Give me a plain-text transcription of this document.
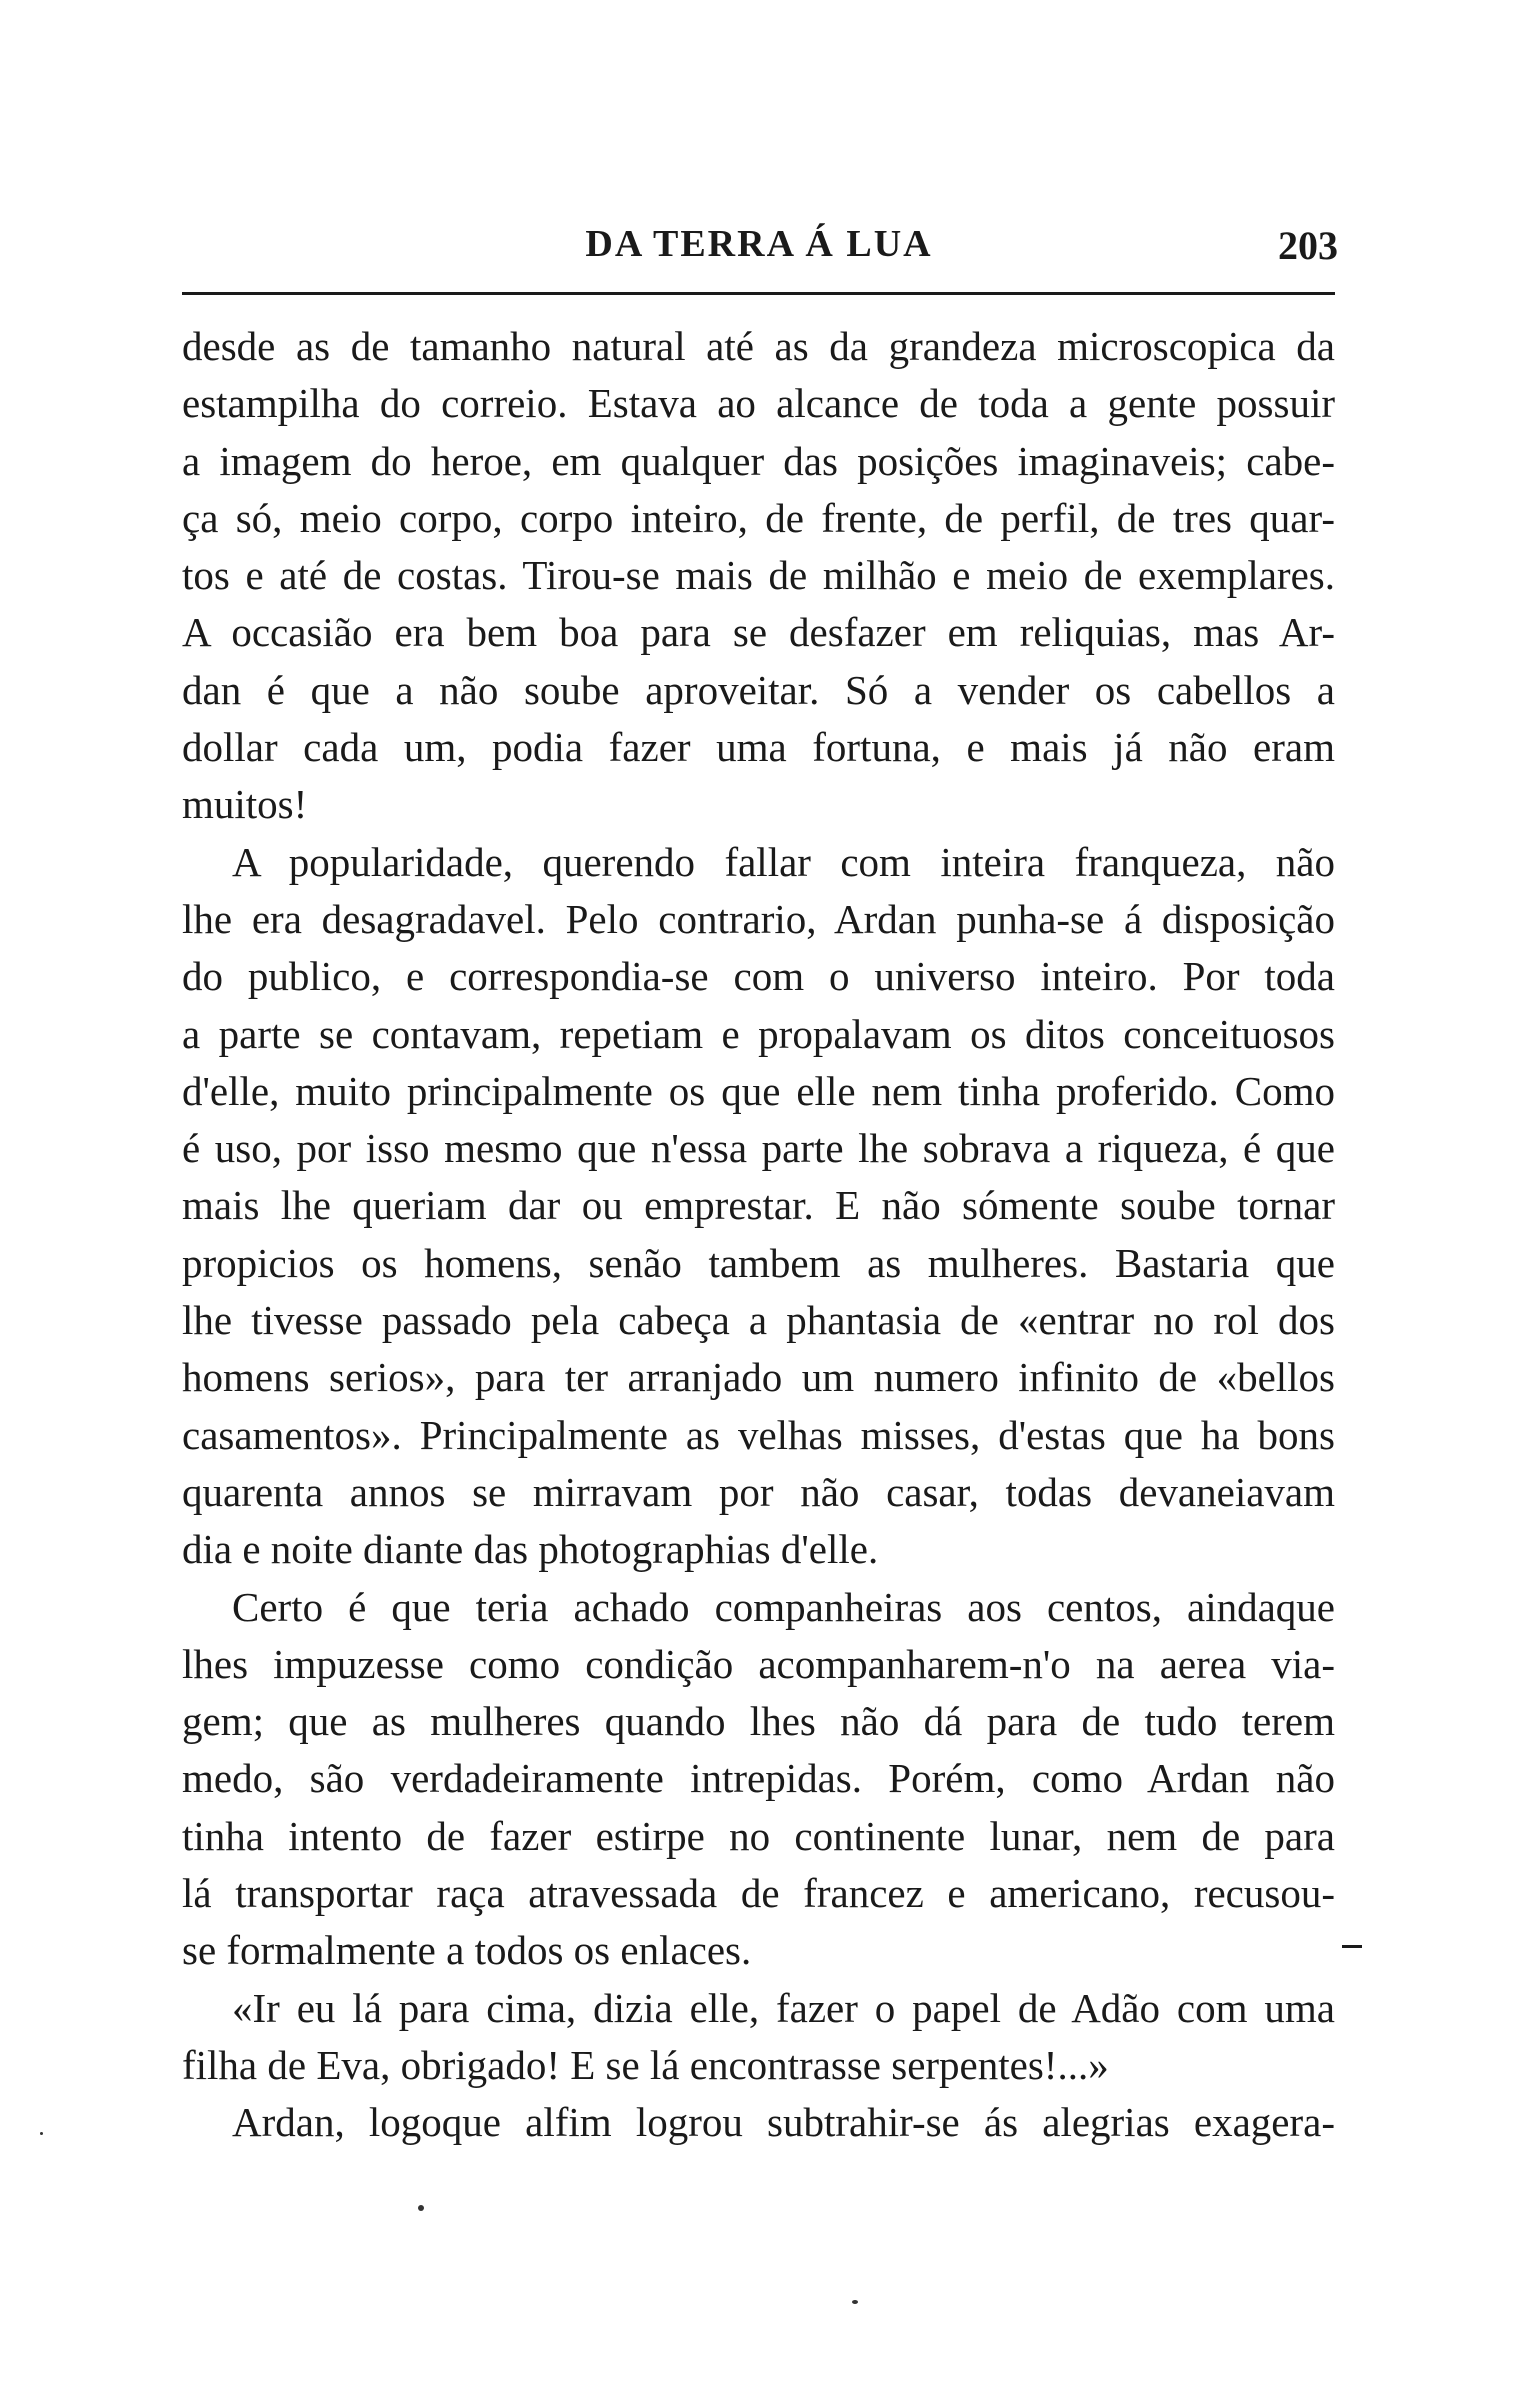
DA TERRA Á LUA	203
desde as de tamanho natural até as da grandeza microscopica da
estampilha do correio. Estava ao alcance de toda a gente possuir
a imagem do heroe, em qualquer das posições imaginaveis; cabe-
ça só, meio corpo, corpo inteiro, de frente, de perfil, de tres quar-
tos e até de costas. Tirou-se mais de milhão e meio de exemplares.
A occasião era bem boa para se desfazer em reliquias, mas Ar-
dan é que a não soube aproveitar. Só a vender os cabellos a
dollar cada um, podia fazer uma fortuna, e mais já não eram
muitos!
A popularidade, querendo fallar com inteira franqueza, não
lhe era desagradavel. Pelo contrario, Ardan punha-se á disposição
do publico, e correspondia-se com o universo inteiro. Por toda
a parte se contavam, repetiam e propalavam os ditos conceituosos
d'elle, muito principalmente os que elle nem tinha proferido. Como
é uso, por isso mesmo que n'essa parte lhe sobrava a riqueza, é que
mais lhe queriam dar ou emprestar. E não sómente soube tornar
propicios os homens, senão tambem as mulheres. Bastaria que
lhe tivesse passado pela cabeça a phantasia de «entrar no rol dos
homens serios», para ter arranjado um numero infinito de «bellos
casamentos». Principalmente as velhas misses, d'estas que ha bons
quarenta annos se mirravam por não casar, todas devaneiavam
dia e noite diante das photographias d'elle.
Certo é que teria achado companheiras aos centos, aindaque
lhes impuzesse como condição acompanharem-n'o na aerea via-
gem; que as mulheres quando lhes não dá para de tudo terem
medo, são verdadeiramente intrepidas. Porém, como Ardan não
tinha intento de fazer estirpe no continente lunar, nem de para
lá transportar raça atravessada de francez e americano, recusou-
se formalmente a todos os enlaces.
«Ir eu lá para cima, dizia elle, fazer o papel de Adão com uma
filha de Eva, obrigado! E se lá encontrasse serpentes!...»
Ardan, logoque alfim logrou subtrahir-se ás alegrias exagera-
